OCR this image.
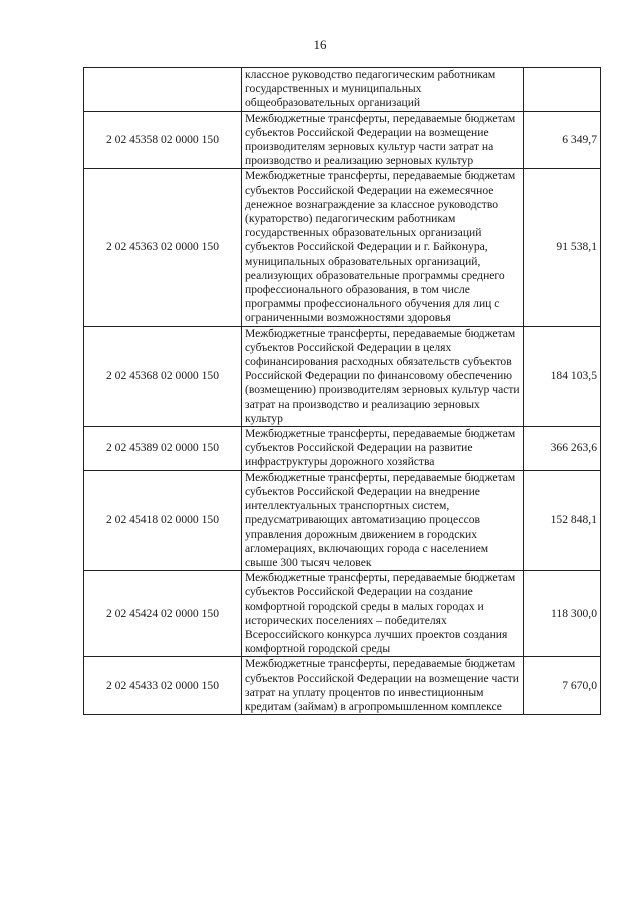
16
	классное руководство педагогическим работникам государственных и муниципальных общеобразовательных организаций	
2 02 45358 02 0000 150	Межбюджетные трансферты, передаваемые бюджетам субъектов Российской Федерации на возмещение производителям зерновых культур части затрат на производство и реализацию зерновых культур	6 349,7
2 02 45363 02 0000 150	Межбюджетные трансферты, передаваемые бюджетам субъектов Российской Федерации на ежемесячное денежное вознаграждение за классное руководство (кураторство) педагогическим работникам государственных образовательных организаций субъектов Российской Федерации и г. Байконура, муниципальных образовательных организаций, реализующих образовательные программы среднего профессионального образования, в том числе программы профессионального обучения для лиц с ограниченными возможностями здоровья	91 538,1
2 02 45368 02 0000 150	Межбюджетные трансферты, передаваемые бюджетам субъектов Российской Федерации в целях софинансирования расходных обязательств субъектов Российской Федерации по финансовому обеспечению (возмещению) производителям зерновых культур части затрат на производство и реализацию зерновых культур	184 103,5
2 02 45389 02 0000 150	Межбюджетные трансферты, передаваемые бюджетам субъектов Российской Федерации на развитие инфраструктуры дорожного хозяйства	366 263,6
2 02 45418 02 0000 150	Межбюджетные трансферты, передаваемые бюджетам субъектов Российской Федерации на внедрение интеллектуальных транспортных систем, предусматривающих автоматизацию процессов управления дорожным движением в городских агломерациях, включающих города с населением свыше 300 тысяч человек	152 848,1
2 02 45424 02 0000 150	Межбюджетные трансферты, передаваемые бюджетам субъектов Российской Федерации на создание комфортной городской среды в малых городах и исторических поселениях – победителях Всероссийского конкурса лучших проектов создания комфортной городской среды	118 300,0
2 02 45433 02 0000 150	Межбюджетные трансферты, передаваемые бюджетам субъектов Российской Федерации на возмещение части затрат на уплату процентов по инвестиционным кредитам (займам) в агропромышленном комплексе	7 670,0
